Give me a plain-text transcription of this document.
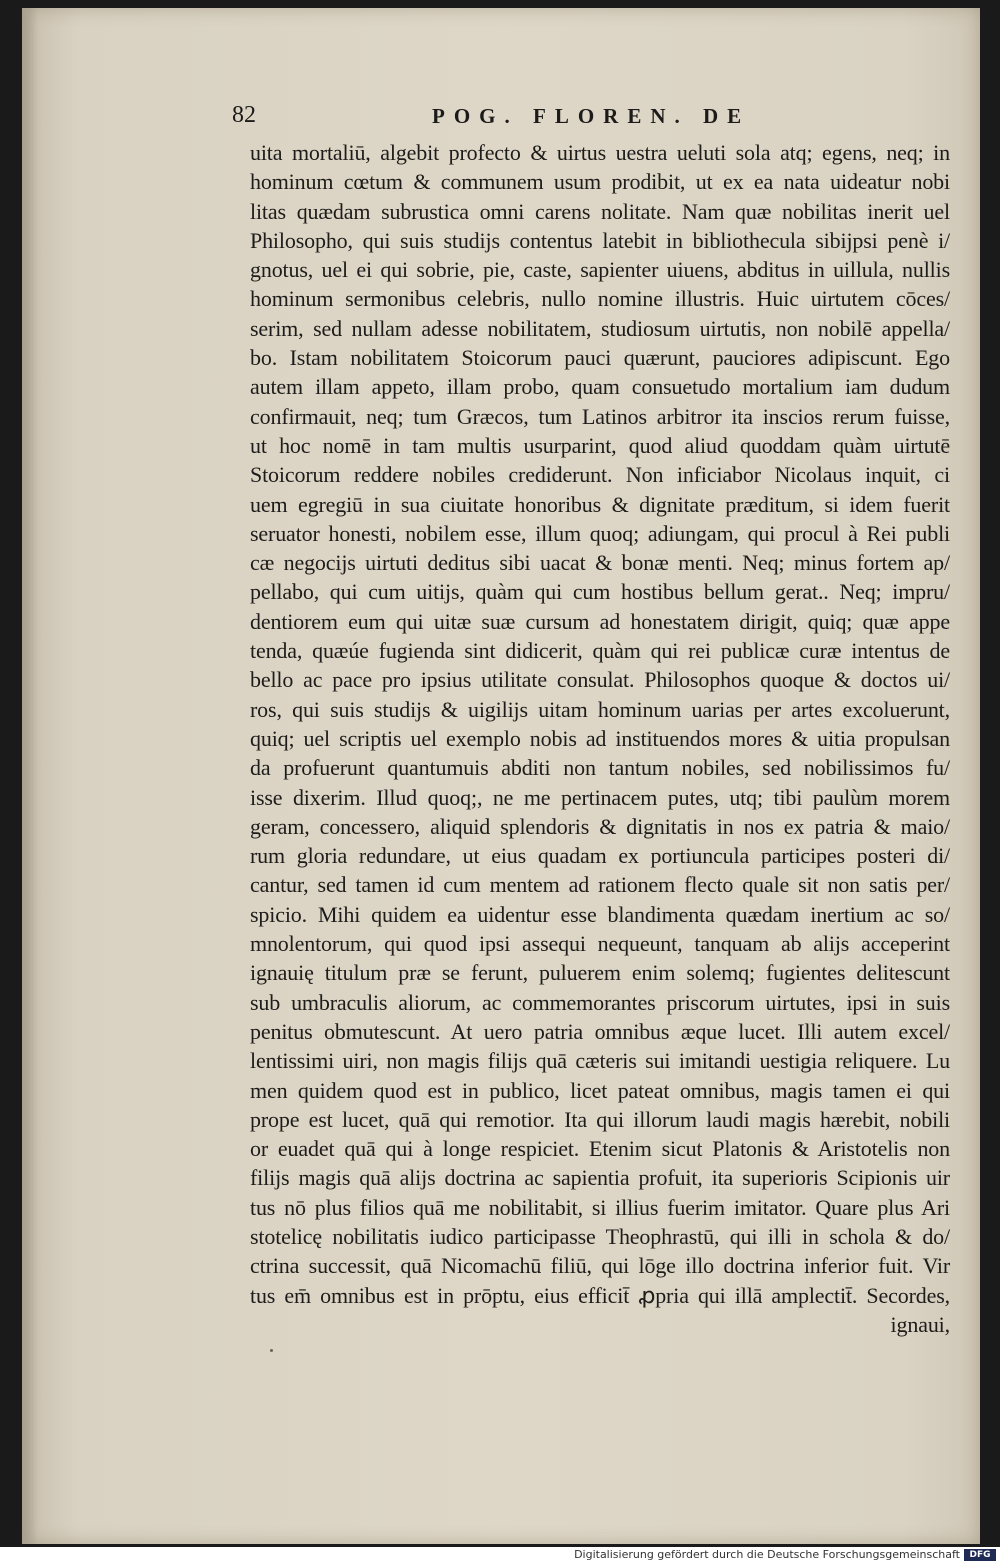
82	POG. FLOREN. DE
uita mortaliū, algebit profecto & uirtus uestra ueluti sola atq; egens, neq; in
hominum cœtum & communem usum prodibit, ut ex ea nata uideatur nobi
litas quædam subrustica omni carens nolitate. Nam quæ nobilitas inerit uel
Philosopho, qui suis studijs contentus latebit in bibliothecula sibijpsi penè i/
gnotus, uel ei qui sobrie, pie, caste, sapienter uiuens, abditus in uillula, nullis
hominum sermonibus celebris, nullo nomine illustris. Huic uirtutem cōces/
serim, sed nullam adesse nobilitatem, studiosum uirtutis, non nobilē appella/
bo. Istam nobilitatem Stoicorum pauci quærunt, pauciores adipiscunt. Ego
autem illam appeto, illam probo, quam consuetudo mortalium iam dudum
confirmauit, neq; tum Græcos, tum Latinos arbitror ita inscios rerum fuisse,
ut hoc nomē in tam multis usurparint, quod aliud quoddam quàm uirtutē
Stoicorum reddere nobiles crediderunt. Non inficiabor Nicolaus inquit, ci
uem egregiū in sua ciuitate honoribus & dignitate præditum, si idem fuerit
seruator honesti, nobilem esse, illum quoq; adiungam, qui procul à Rei publi
cæ negocijs uirtuti deditus sibi uacat & bonæ menti. Neq; minus fortem ap/
pellabo, qui cum uitijs, quàm qui cum hostibus bellum gerat.. Neq; impru/
dentiorem eum qui uitæ suæ cursum ad honestatem dirigit, quiq; quæ appe
tenda, quæúe fugienda sint didicerit, quàm qui rei publicæ curæ intentus de
bello ac pace pro ipsius utilitate consulat. Philosophos quoque & doctos ui/
ros, qui suis studijs & uigilijs uitam hominum uarias per artes excoluerunt,
quiq; uel scriptis uel exemplo nobis ad instituendos mores & uitia propulsan
da profuerunt quantumuis abditi non tantum nobiles, sed nobilissimos fu/
isse dixerim. Illud quoq;, ne me pertinacem putes, utq; tibi paulùm morem
geram, concessero, aliquid splendoris & dignitatis in nos ex patria & maio/
rum gloria redundare, ut eius quadam ex portiuncula participes posteri di/
cantur, sed tamen id cum mentem ad rationem flecto quale sit non satis per/
spicio. Mihi quidem ea uidentur esse blandimenta quædam inertium ac so/
mnolentorum, qui quod ipsi assequi nequeunt, tanquam ab alijs acceperint
ignauię titulum præ se ferunt, puluerem enim solemq; fugientes delitescunt
sub umbraculis aliorum, ac commemorantes priscorum uirtutes, ipsi in suis
penitus obmutescunt. At uero patria omnibus æque lucet. Illi autem excel/
lentissimi uiri, non magis filijs quā cæteris sui imitandi uestigia reliquere. Lu
men quidem quod est in publico, licet pateat omnibus, magis tamen ei qui
prope est lucet, quā qui remotior. Ita qui illorum laudi magis hærebit, nobili
or euadet quā qui à longe respiciet. Etenim sicut Platonis & Aristotelis non
filijs magis quā alijs doctrina ac sapientia profuit, ita superioris Scipionis uir
tus nō plus filios quā me nobilitabit, si illius fuerim imitator. Quare plus Ari
stotelicę nobilitatis iudico participasse Theophrastū, qui illi in schola & do/
ctrina successit, quā Nicomachū filiū, qui lōge illo doctrina inferior fuit. Vir
tus em̄ omnibus est in prōptu, eius efficit̄ ꝓpria qui illā amplectit̄. Secordes,
ignaui,
Digitalisierung gefördert durch die Deutsche Forschungsgemeinschaft	DFG
